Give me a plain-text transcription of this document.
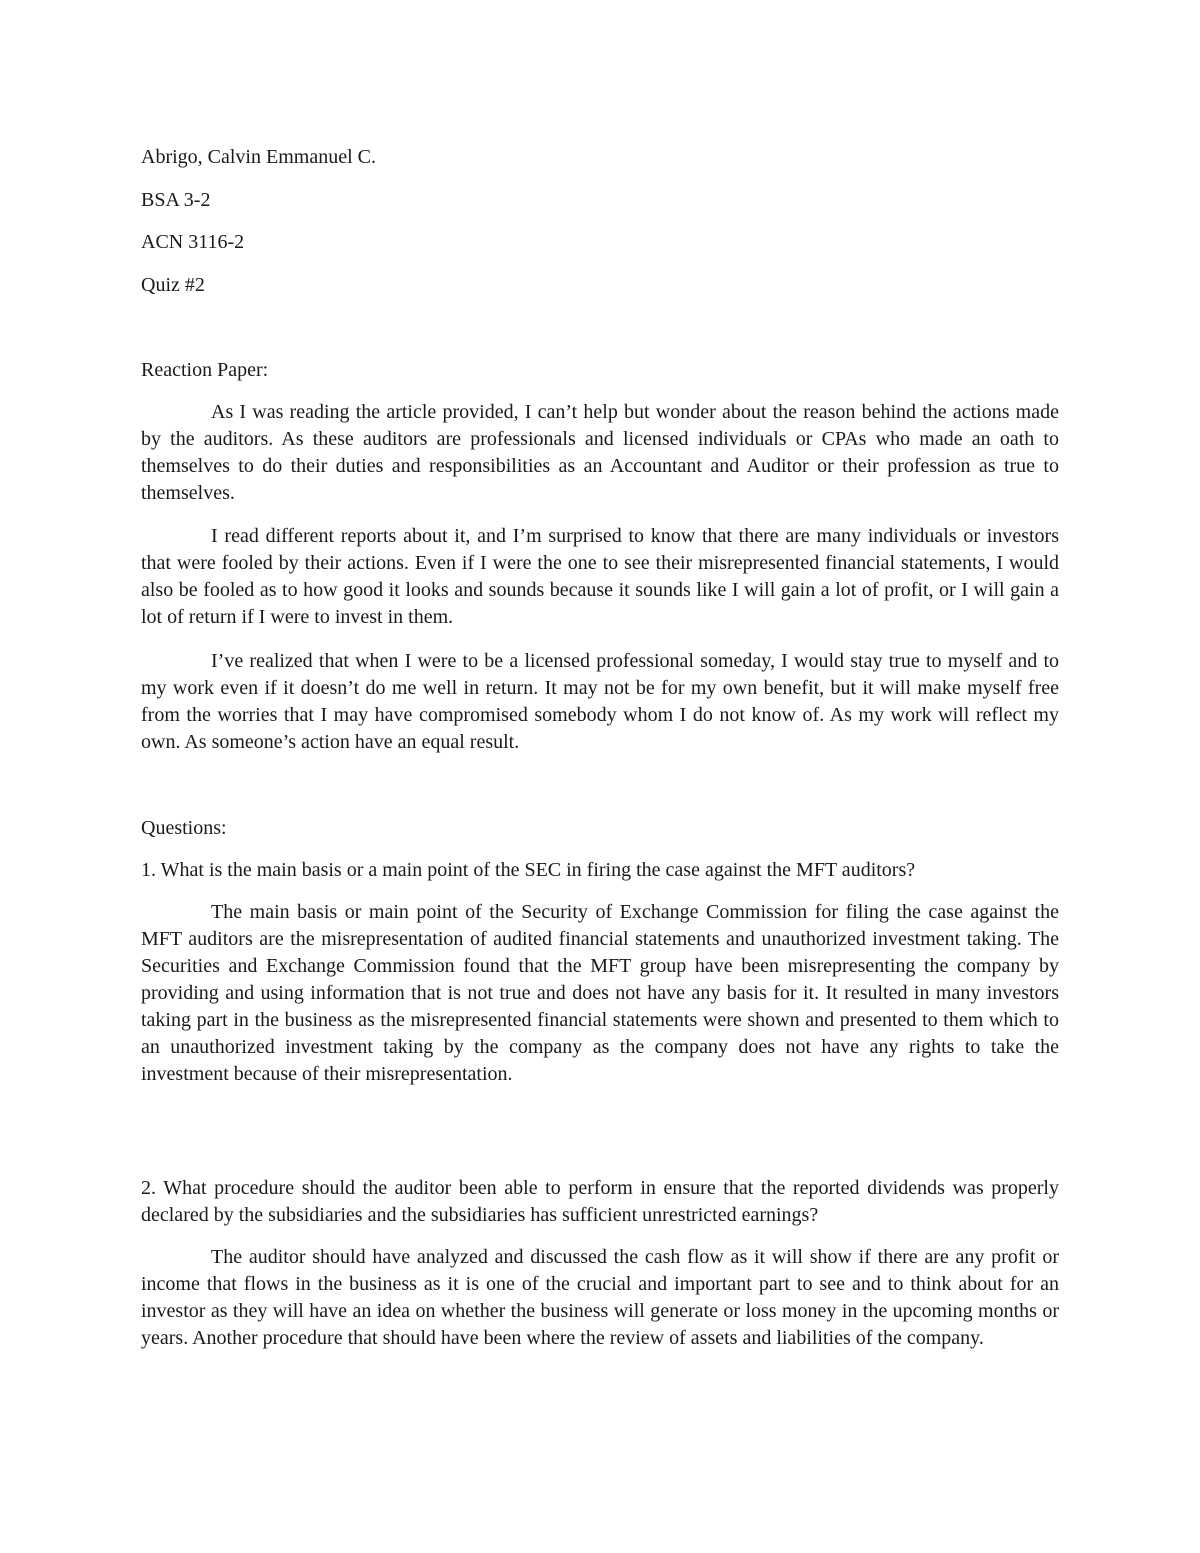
Abrigo, Calvin Emmanuel C.

BSA 3-2

ACN 3116-2

Quiz #2

Reaction Paper:

As I was reading the article provided, I can’t help but wonder about the reason behind the actions made by the auditors. As these auditors are professionals and licensed individuals or CPAs who made an oath to themselves to do their duties and responsibilities as an Accountant and Auditor or their profession as true to themselves.

I read different reports about it, and I’m surprised to know that there are many individuals or investors that were fooled by their actions. Even if I were the one to see their misrepresented financial statements, I would also be fooled as to how good it looks and sounds because it sounds like I will gain a lot of profit, or I will gain a lot of return if I were to invest in them.

I’ve realized that when I were to be a licensed professional someday, I would stay true to myself and to my work even if it doesn’t do me well in return. It may not be for my own benefit, but it will make myself free from the worries that I may have compromised somebody whom I do not know of. As my work will reflect my own. As someone’s action have an equal result.

Questions:

1. What is the main basis or a main point of the SEC in firing the case against the MFT auditors?

The main basis or main point of the Security of Exchange Commission for filing the case against the MFT auditors are the misrepresentation of audited financial statements and unauthorized investment taking. The Securities and Exchange Commission found that the MFT group have been misrepresenting the company by providing and using information that is not true and does not have any basis for it. It resulted in many investors taking part in the business as the misrepresented financial statements were shown and presented to them which to an unauthorized investment taking by the company as the company does not have any rights to take the investment because of their misrepresentation.

2. What procedure should the auditor been able to perform in ensure that the reported dividends was properly declared by the subsidiaries and the subsidiaries has sufficient unrestricted earnings?

The auditor should have analyzed and discussed the cash flow as it will show if there are any profit or income that flows in the business as it is one of the crucial and important part to see and to think about for an investor as they will have an idea on whether the business will generate or loss money in the upcoming months or years. Another procedure that should have been where the review of assets and liabilities of the company.
